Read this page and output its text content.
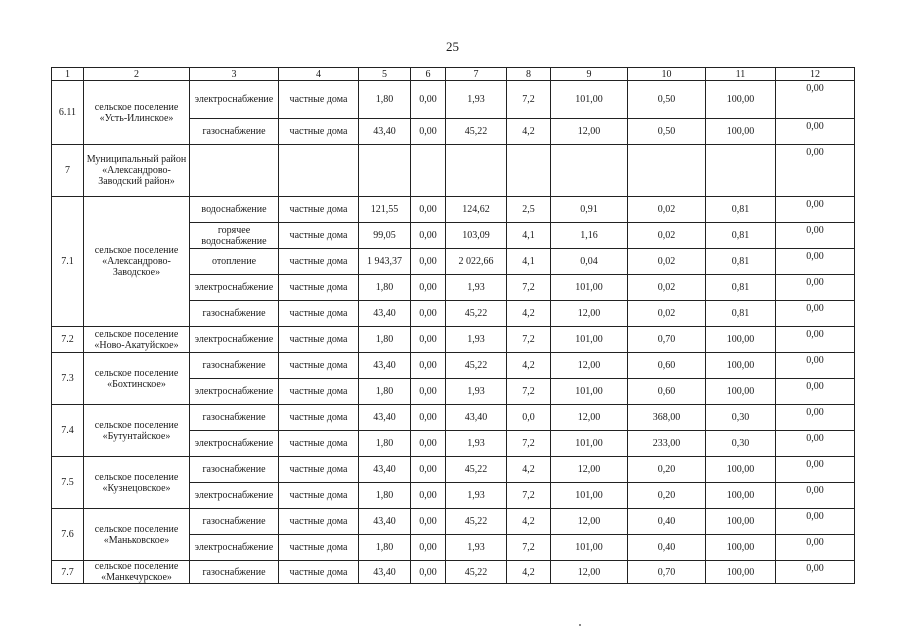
25
1	2	3	4	5	6	7	8	9	10	11	12
6.11	сельское поселение «Усть-Илинское»	электроснабжение	частные дома	1,80	0,00	1,93	7,2	101,00	0,50	100,00	0,00
		газоснабжение	частные дома	43,40	0,00	45,22	4,2	12,00	0,50	100,00	0,00
7	Муниципальный район «Александрово-Заводский район»										0,00
7.1	сельское поселение «Александрово-Заводское»	водоснабжение	частные дома	121,55	0,00	124,62	2,5	0,91	0,02	0,81	0,00
		горячее водоснабжение	частные дома	99,05	0,00	103,09	4,1	1,16	0,02	0,81	0,00
		отопление	частные дома	1 943,37	0,00	2 022,66	4,1	0,04	0,02	0,81	0,00
		электроснабжение	частные дома	1,80	0,00	1,93	7,2	101,00	0,02	0,81	0,00
		газоснабжение	частные дома	43,40	0,00	45,22	4,2	12,00	0,02	0,81	0,00
7.2	сельское поселение «Ново-Акатуйское»	электроснабжение	частные дома	1,80	0,00	1,93	7,2	101,00	0,70	100,00	0,00
7.3	сельское поселение «Бохтинское»	газоснабжение	частные дома	43,40	0,00	45,22	4,2	12,00	0,60	100,00	0,00
		электроснабжение	частные дома	1,80	0,00	1,93	7,2	101,00	0,60	100,00	0,00
7.4	сельское поселение «Бутунтайское»	газоснабжение	частные дома	43,40	0,00	43,40	0,0	12,00	368,00	0,30	0,00
		электроснабжение	частные дома	1,80	0,00	1,93	7,2	101,00	233,00	0,30	0,00
7.5	сельское поселение «Кузнецовское»	газоснабжение	частные дома	43,40	0,00	45,22	4,2	12,00	0,20	100,00	0,00
		электроснабжение	частные дома	1,80	0,00	1,93	7,2	101,00	0,20	100,00	0,00
7.6	сельское поселение «Маньковское»	газоснабжение	частные дома	43,40	0,00	45,22	4,2	12,00	0,40	100,00	0,00
		электроснабжение	частные дома	1,80	0,00	1,93	7,2	101,00	0,40	100,00	0,00
7.7	сельское поселение «Манкечурское»	газоснабжение	частные дома	43,40	0,00	45,22	4,2	12,00	0,70	100,00	0,00
